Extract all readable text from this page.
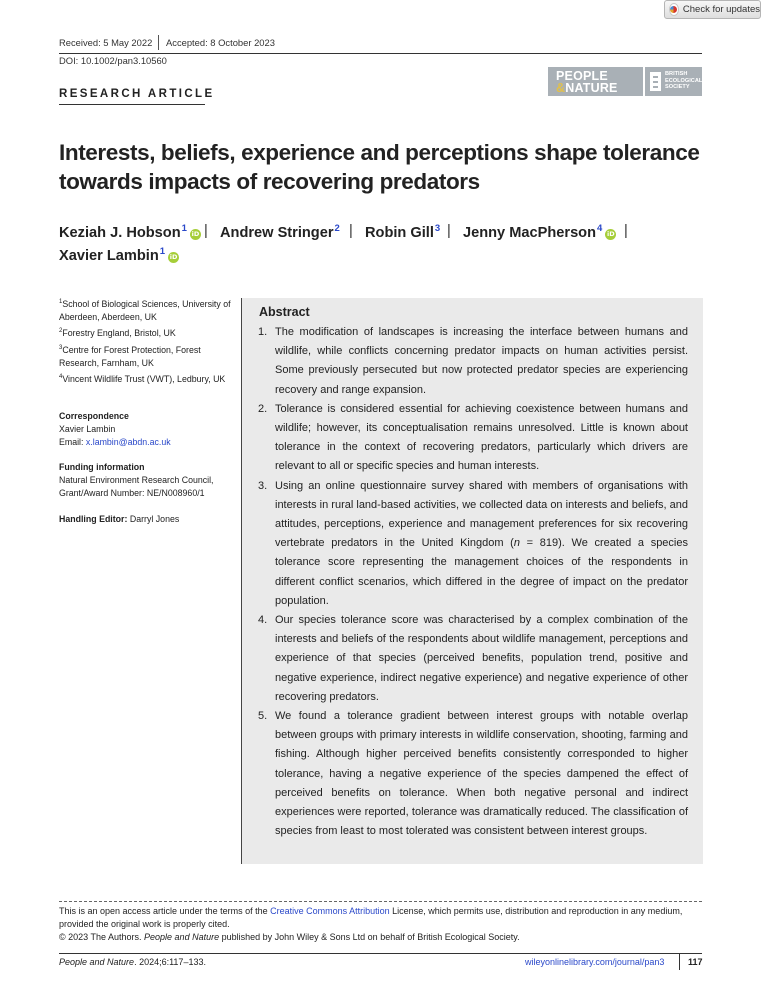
Check for updates
Received: 5 May 2022 Accepted: 8 October 2023
DOI: 10.1002/pan3.10560
RESEARCH ARTICLE
PEOPLE
&NATURE
BRITISH
ECOLOGICAL
SOCIETY
Interests, beliefs, experience and perceptions shape tolerance towards impacts of recovering predators
Keziah J. Hobson$^1$ iD | Andrew Stringer$^2$ | Robin Gill$^3$ | Jenny MacPherson$^4$ iD |
Xavier Lambin$^1$ iD
$^1$School of Biological Sciences, University of Aberdeen, Aberdeen, UK
$^2$Forestry England, Bristol, UK
$^3$Centre for Forest Protection, Forest Research, Farnham, UK
$^4$Vincent Wildlife Trust (VWT), Ledbury, UK
Correspondence
Xavier Lambin
Email: x.lambin@abdn.ac.uk
Funding information
Natural Environment Research Council,
Grant/Award Number: NE/N008960/1
Handling Editor: Darryl Jones
Abstract
1. The modification of landscapes is increasing the interface between humans and wildlife, while conflicts concerning predator impacts on human activities persist. Some previously persecuted but now protected predator species are experiencing recovery and range expansion.
2. Tolerance is considered essential for achieving coexistence between humans and wildlife; however, its conceptualisation remains unresolved. Little is known about tolerance in the context of recovering predators, particularly which drivers are relevant to all or specific species and human interests.
3. Using an online questionnaire survey shared with members of organisations with interests in rural land-based activities, we collected data on interests and beliefs, and attitudes, perceptions, experience and management preferences for six recovering vertebrate predators in the United Kingdom (n = 819). We created a species tolerance score representing the management choices of the respondents in different conflict scenarios, which differed in the degree of impact on the predator population.
4. Our species tolerance score was characterised by a complex combination of the interests and beliefs of the respondents about wildlife management, perceptions and experience of that species (perceived benefits, population trend, positive and negative experience, indirect negative experience) and negative experience of other recovering predators.
5. We found a tolerance gradient between interest groups with notable overlap between groups with primary interests in wildlife conservation, shooting, farming and fishing. Although higher perceived benefits consistently corresponded to higher tolerance, having a negative experience of the species dampened the effect of perceived benefits on tolerance. When both negative personal and indirect experiences were reported, tolerance was dramatically reduced. The classification of species from least to most tolerated was consistent between interest groups.
This is an open access article under the terms of the Creative Commons Attribution License, which permits use, distribution and reproduction in any medium, provided the original work is properly cited.
© 2023 The Authors. People and Nature published by John Wiley & Sons Ltd on behalf of British Ecological Society.
People and Nature. 2024;6:117–133.	wileyonlinelibrary.com/journal/pan3	117
